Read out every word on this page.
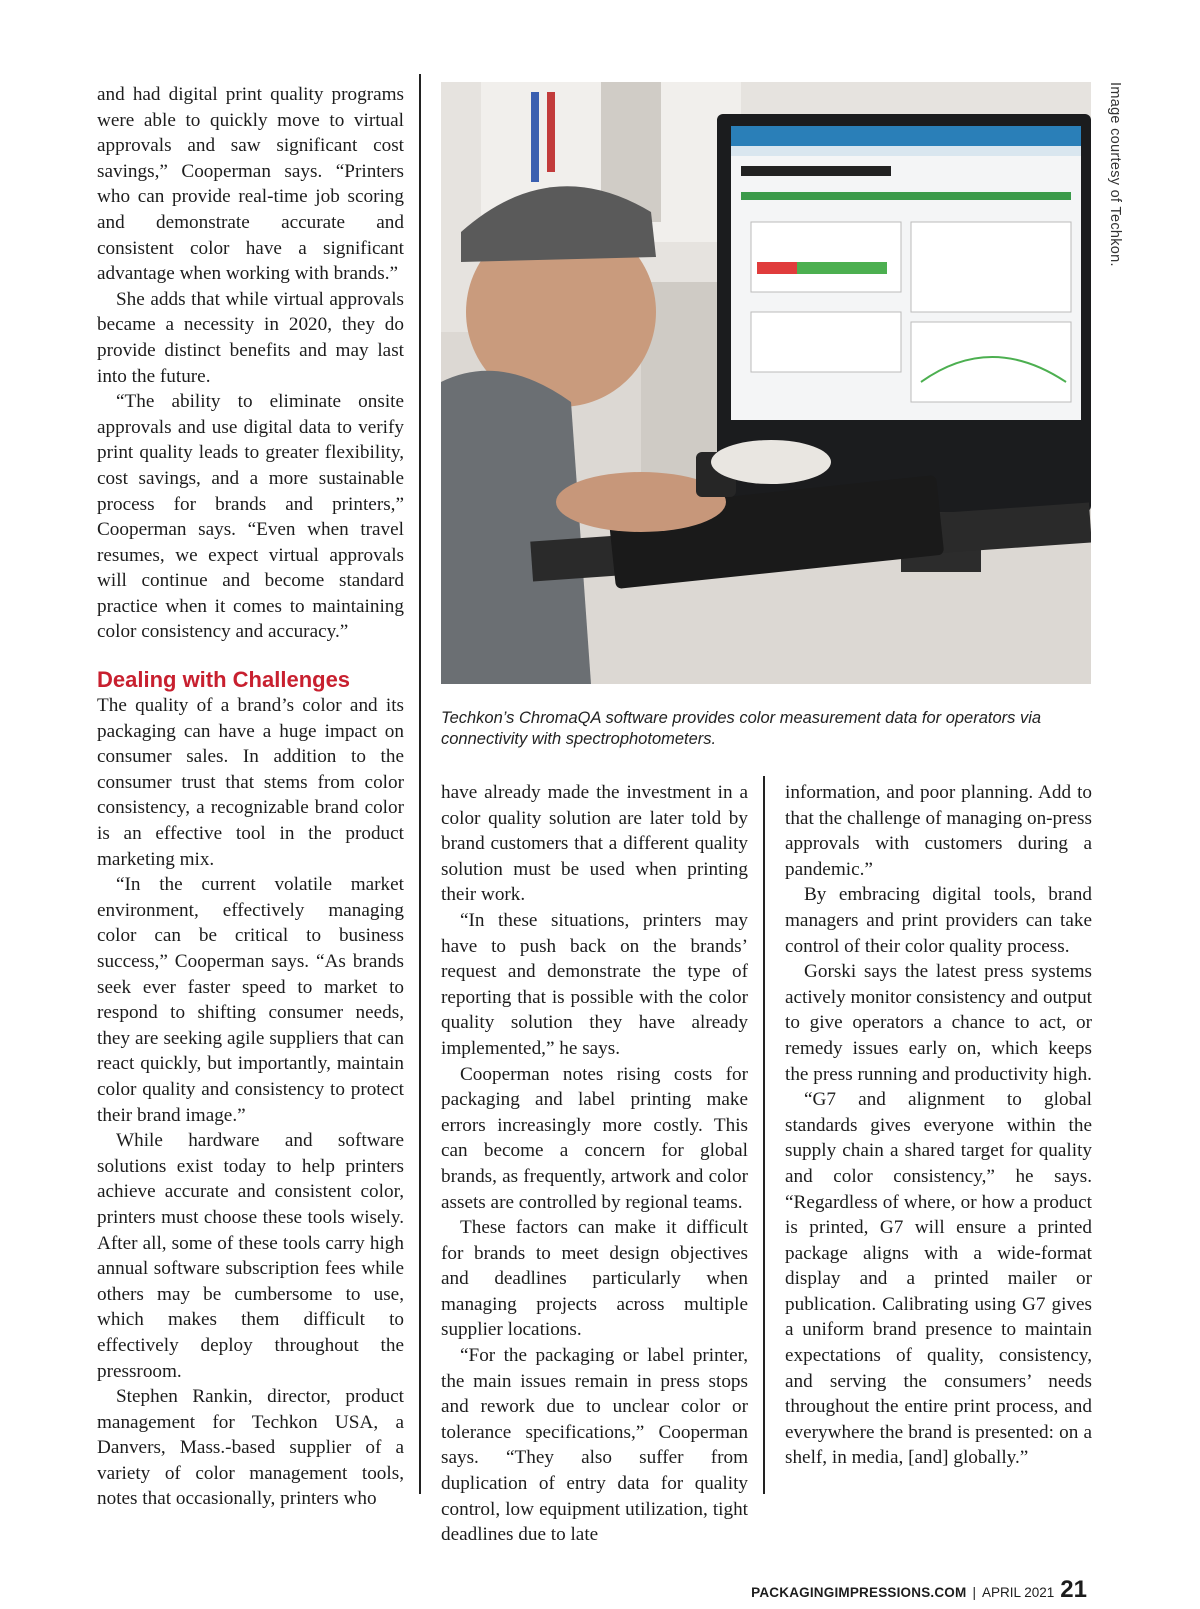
and had digital print quality programs were able to quickly move to virtual approvals and saw significant cost savings,” Cooperman says. “Printers who can provide real-time job scoring and demonstrate accurate and consistent color have a significant advantage when working with brands.”

She adds that while virtual approvals became a necessity in 2020, they do provide distinct benefits and may last into the future.

“The ability to eliminate onsite approvals and use digital data to verify print quality leads to greater flexibility, cost savings, and a more sustainable process for brands and printers,” Cooperman says. “Even when travel resumes, we expect virtual approvals will continue and become standard practice when it comes to maintaining color consistency and accuracy.”

Dealing with Challenges

The quality of a brand’s color and its packaging can have a huge impact on consumer sales. In addition to the consumer trust that stems from color consistency, a recognizable brand color is an effective tool in the product marketing mix.

“In the current volatile market environment, effectively managing color can be critical to business success,” Cooperman says. “As brands seek ever faster speed to market to respond to shifting consumer needs, they are seeking agile suppliers that can react quickly, but importantly, maintain color quality and consistency to protect their brand image.”

While hardware and software solutions exist today to help printers achieve accurate and consistent color, printers must choose these tools wisely. After all, some of these tools carry high annual software subscription fees while others may be cumbersome to use, which makes them difficult to effectively deploy throughout the pressroom.

Stephen Rankin, director, product management for Techkon USA, a Danvers, Mass.-based supplier of a variety of color management tools, notes that occasionally, printers who

Image courtesy of Techkon.
Techkon’s ChromaQA software provides color measurement data for operators via connectivity with spectrophotometers.

have already made the investment in a color quality solution are later told by brand customers that a different quality solution must be used when printing their work.

“In these situations, printers may have to push back on the brands’ request and demonstrate the type of reporting that is possible with the color quality solution they have already implemented,” he says.

Cooperman notes rising costs for packaging and label printing make errors increasingly more costly. This can become a concern for global brands, as frequently, artwork and color assets are controlled by regional teams.

These factors can make it difficult for brands to meet design objectives and deadlines particularly when managing projects across multiple supplier locations.

“For the packaging or label printer, the main issues remain in press stops and rework due to unclear color or tolerance specifications,” Cooperman says. “They also suffer from duplication of entry data for quality control, low equipment utilization, tight deadlines due to late

information, and poor planning. Add to that the challenge of managing on-press approvals with customers during a pandemic.”

By embracing digital tools, brand managers and print providers can take control of their color quality process.

Gorski says the latest press systems actively monitor consistency and output to give operators a chance to act, or remedy issues early on, which keeps the press running and productivity high.

“G7 and alignment to global standards gives everyone within the supply chain a shared target for quality and color consistency,” he says. “Regardless of where, or how a product is printed, G7 will ensure a printed package aligns with a wide-format display and a printed mailer or publication. Calibrating using G7 gives a uniform brand presence to maintain expectations of quality, consistency, and serving the consumers’ needs throughout the entire print process, and everywhere the brand is presented: on a shelf, in media, [and] globally.”

PACKAGINGIMPRESSIONS.COM | APRIL 2021 21
